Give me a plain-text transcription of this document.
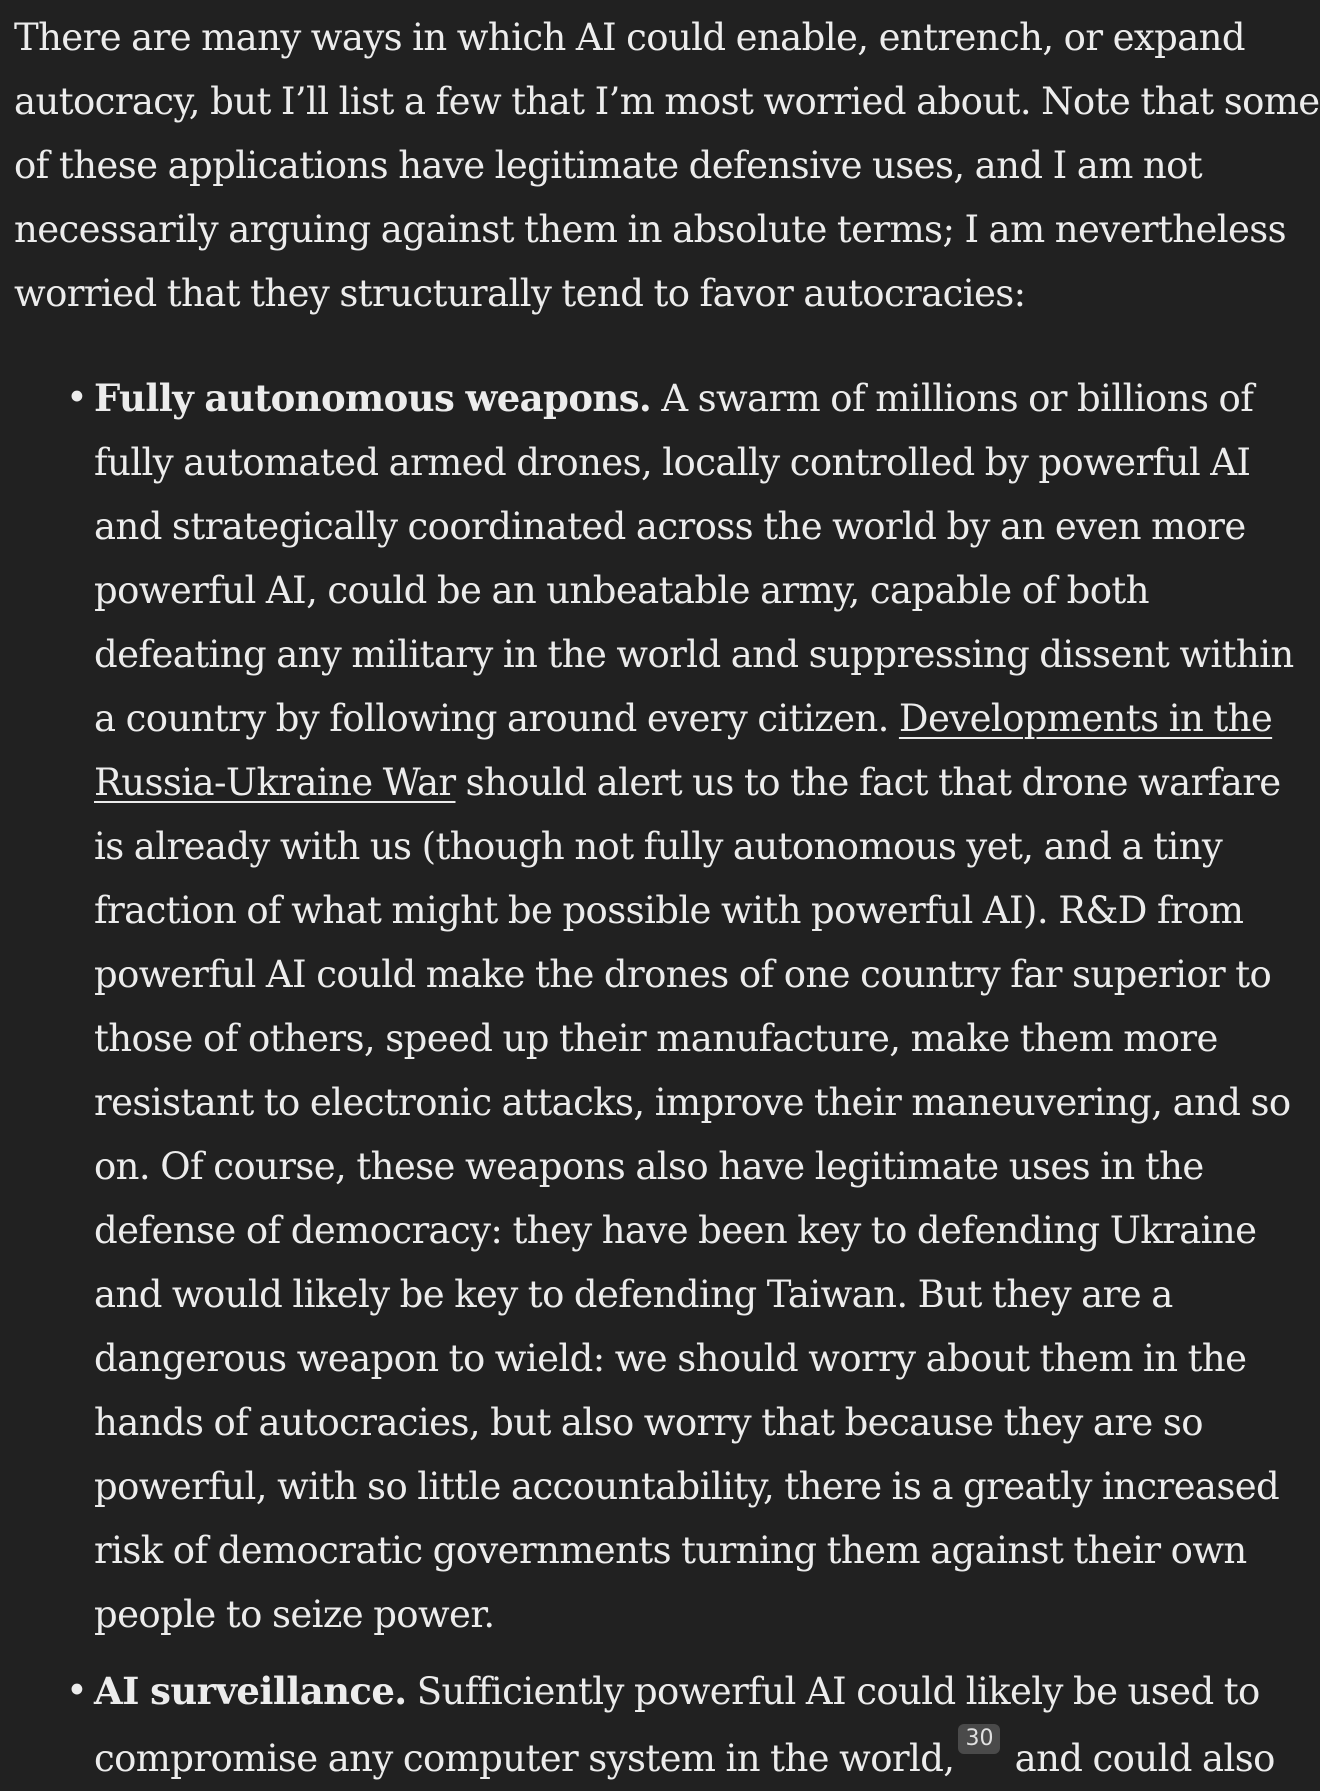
There are many ways in which AI could enable, entrench, or expand
autocracy, but I’ll list a few that I’m most worried about. Note that some
of these applications have legitimate defensive uses, and I am not
necessarily arguing against them in absolute terms; I am nevertheless
worried that they structurally tend to favor autocracies:

• Fully autonomous weapons. A swarm of millions or billions of
fully automated armed drones, locally controlled by powerful AI
and strategically coordinated across the world by an even more
powerful AI, could be an unbeatable army, capable of both
defeating any military in the world and suppressing dissent within
a country by following around every citizen. Developments in the
Russia-Ukraine War should alert us to the fact that drone warfare
is already with us (though not fully autonomous yet, and a tiny
fraction of what might be possible with powerful AI). R&D from
powerful AI could make the drones of one country far superior to
those of others, speed up their manufacture, make them more
resistant to electronic attacks, improve their maneuvering, and so
on. Of course, these weapons also have legitimate uses in the
defense of democracy: they have been key to defending Ukraine
and would likely be key to defending Taiwan. But they are a
dangerous weapon to wield: we should worry about them in the
hands of autocracies, but also worry that because they are so
powerful, with so little accountability, there is a greatly increased
risk of democratic governments turning them against their own
people to seize power.
• AI surveillance. Sufficiently powerful AI could likely be used to
compromise any computer system in the world, 30 and could also
